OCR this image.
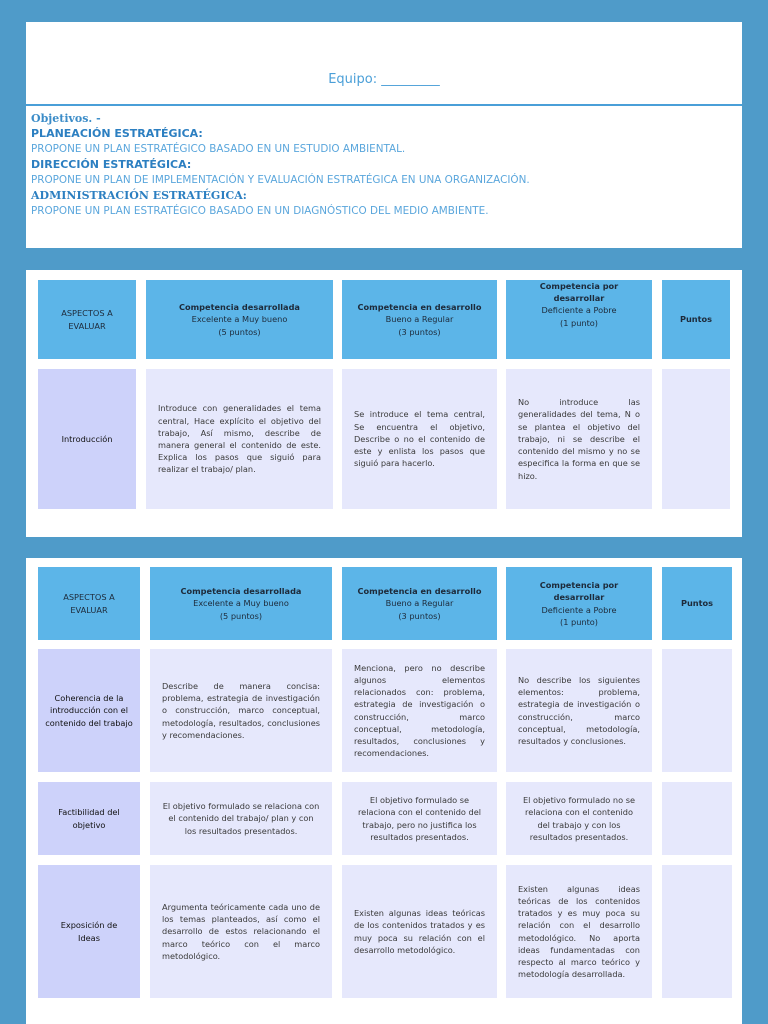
Equipo: _________
Objetivos. -
PLANEACIÓN ESTRATÉGICA:
PROPONE UN PLAN ESTRATÉGICO BASADO EN UN ESTUDIO AMBIENTAL.
DIRECCIÓN ESTRATÉGICA:
PROPONE UN PLAN DE IMPLEMENTACIÓN Y EVALUACIÓN ESTRATÉGICA EN UNA ORGANIZACIÓN.
ADMINISTRACIÓN ESTRATÉGICA:
PROPONE UN PLAN ESTRATÉGICO BASADO EN UN DIAGNÓSTICO DEL MEDIO AMBIENTE.
ASPECTOS A EVALUAR
Competencia desarrollada
Excelente a Muy bueno
(5 puntos)
Competencia en desarrollo
Bueno a Regular
(3 puntos)
Competencia por desarrollar
Deficiente a Pobre
(1 punto)	Puntos
Introducción
Introduce con generalidades el tema central, Hace explícito el objetivo del trabajo, Así mismo, describe de manera general el contenido de este. Explica los pasos que siguió para realizar el trabajo/ plan.
Se introduce el tema central, Se encuentra el objetivo, Describe o no el contenido de este y enlista los pasos que siguió para hacerlo.
No introduce las generalidades del tema, N o se plantea el objetivo del trabajo, ni se describe el contenido del mismo y no se especifica la forma en que se hizo.
ASPECTOS A EVALUAR
Competencia desarrollada
Excelente a Muy bueno
(5 puntos)
Competencia en desarrollo
Bueno a Regular
(3 puntos)
Competencia por desarrollar
Deficiente a Pobre
(1 punto)
Puntos
Coherencia de la introducción con el contenido del trabajo
Describe de manera concisa: problema, estrategia de investigación o construcción, marco conceptual, metodología, resultados, conclusiones y recomendaciones.
Menciona, pero no describe algunos elementos relacionados con: problema, estrategia de investigación o construcción, marco conceptual, metodología, resultados, conclusiones y recomendaciones.
No describe los siguientes elementos: problema, estrategia de investigación o construcción, marco conceptual, metodología, resultados y conclusiones.
Factibilidad del objetivo
El objetivo formulado se relaciona con el contenido del trabajo/ plan y con los resultados presentados.
El objetivo formulado se relaciona con el contenido del trabajo, pero no justifica los resultados presentados.
El objetivo formulado no se relaciona con el contenido del trabajo y con los resultados presentados.
Exposición de Ideas
Argumenta teóricamente cada uno de los temas planteados, así como el desarrollo de estos relacionando el marco teórico con el marco metodológico.
Existen algunas ideas teóricas de los contenidos tratados y es muy poca su relación con el desarrollo metodológico.
Existen algunas ideas teóricas de los contenidos tratados y es muy poca su relación con el desarrollo metodológico. No aporta ideas fundamentadas con respecto al marco teórico y metodología desarrollada.
